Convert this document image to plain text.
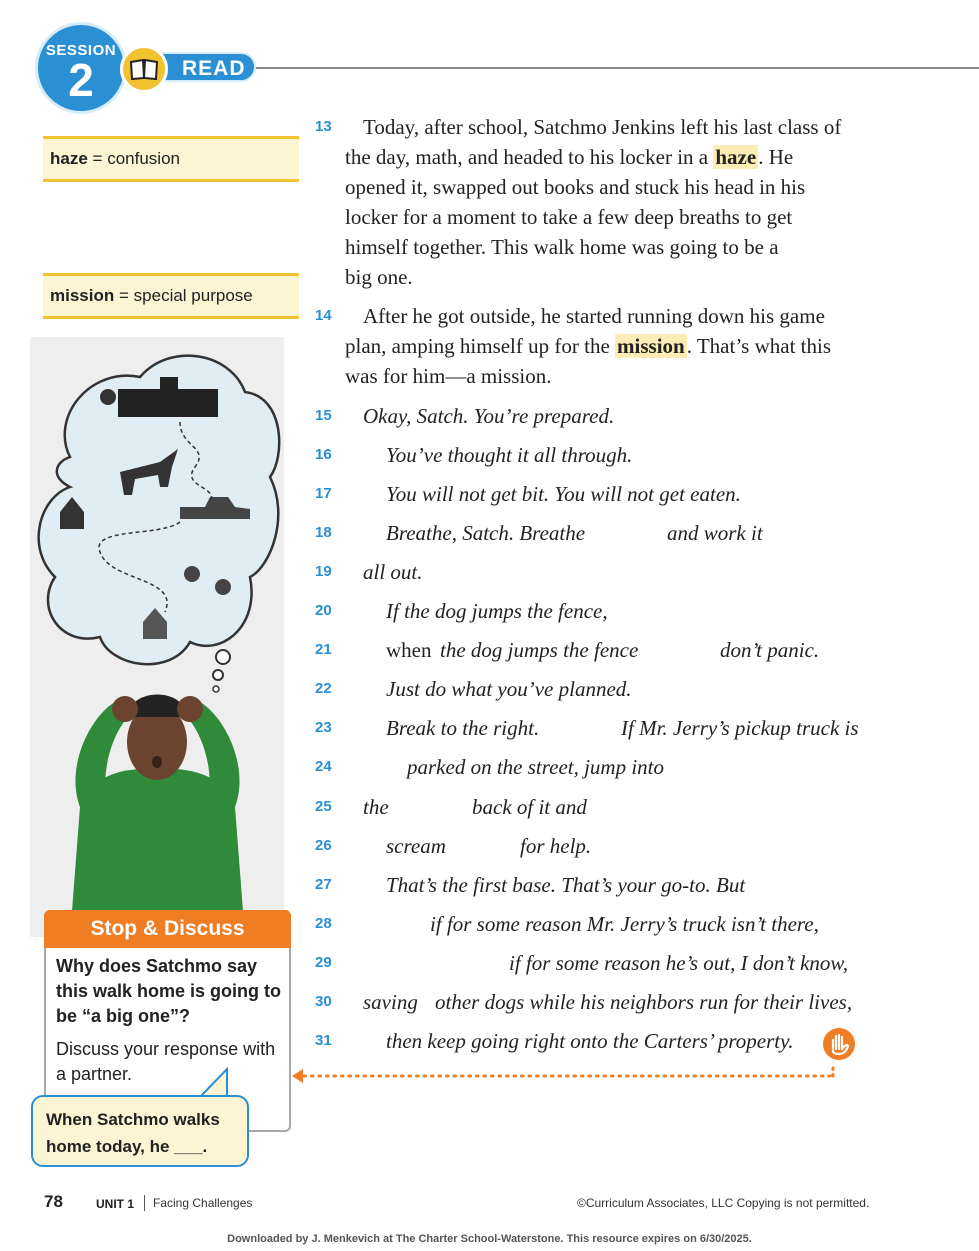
SESSION
2	READ
haze = confusion
mission = special purpose
Stop & Discuss
Why does Satchmo say this walk home is going to be “a big one”?
Discuss your response with a partner.
When Satchmo walks home today, he ___.
13	Today, after school, Satchmo Jenkins left his last class of
the day, math, and headed to his locker in a haze. He
opened it, swapped out books and stuck his head in his
locker for a moment to take a few deep breaths to get
himself together. This walk home was going to be a
big one.
14	After he got outside, he started running down his game
plan, amping himself up for the mission. That’s what this
was for him—a mission.
15	Okay, Satch. You’re prepared.
16	You’ve thought it all through.
17	You will not get bit. You will not get eaten.
18	Breathe, Satch. Breathe	and work it
19	all out.
20	If the dog jumps the fence,
21	when the dog jumps the fence	don’t panic.
22	Just do what you’ve planned.
23	Break to the right.	If Mr. Jerry’s pickup truck is
24	parked on the street, jump into
25	the	back of it and
26	scream	for help.
27	That’s the first base. That’s your go-to. But
28	if for some reason Mr. Jerry’s truck isn’t there,
29	if for some reason he’s out, I don’t know,
30	saving other dogs while his neighbors run for their lives,
31	then keep going right onto the Carters’ property.
78	UNIT 1 Facing Challenges	©Curriculum Associates, LLC Copying is not permitted.
Downloaded by J. Menkevich at The Charter School-Waterstone. This resource expires on 6/30/2025.
